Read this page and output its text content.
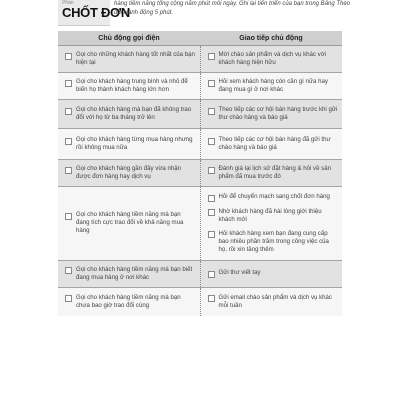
Phần
CHỐT ĐƠN
hàng tiềm năng tổng cộng năm phút mỗi ngày. Ghi lại tiến triển của bạn trong Bảng Theo dõi Hành động 5 phút.
Chủ động gọi điện	Giao tiếp chủ động

Gọi cho những khách hàng tốt nhất của bạn hiện tại	Mời chào sản phẩm và dịch vụ khác với khách hàng hiện hữu

Gọi cho khách hàng trung bình và nhỏ để biến họ thành khách hàng lớn hơn	Hỏi xem khách hàng còn cần gì nữa hay đang mua gì ở nơi khác

Gọi cho khách hàng mà bạn đã không trao đổi với họ từ ba tháng trở lên	Theo tiếp các cơ hội bán hàng trước khi gửi thư chào hàng và báo giá

Gọi cho khách hàng từng mua hàng nhưng rồi không mua nữa	Theo tiếp các cơ hội bán hàng đã gửi thư chào hàng và báo giá

Gọi cho khách hàng gần đây vừa nhận được đơn hàng hay dịch vụ	Đánh giá lại lịch sử đặt hàng & hỏi về sản phẩm đã mua trước đó

Gọi cho khách hàng tiềm năng mà bạn đang tích cực trao đổi về khả năng mua hàng	Hỏi để chuyển mạch sang chốt đơn hàng
Nhờ khách hàng đã hài lòng giới thiệu khách mới
Hỏi khách hàng xem bạn đang cung cấp bao nhiêu phần trăm trong công việc của họ, rồi xin tăng thêm

Gọi cho khách hàng tiềm năng mà bạn biết đang mua hàng ở nơi khác	Gửi thư viết tay

Gọi cho khách hàng tiềm năng mà bạn chưa bao giờ trao đổi cùng	Gửi email chào sản phẩm và dịch vụ khác mỗi tuần
